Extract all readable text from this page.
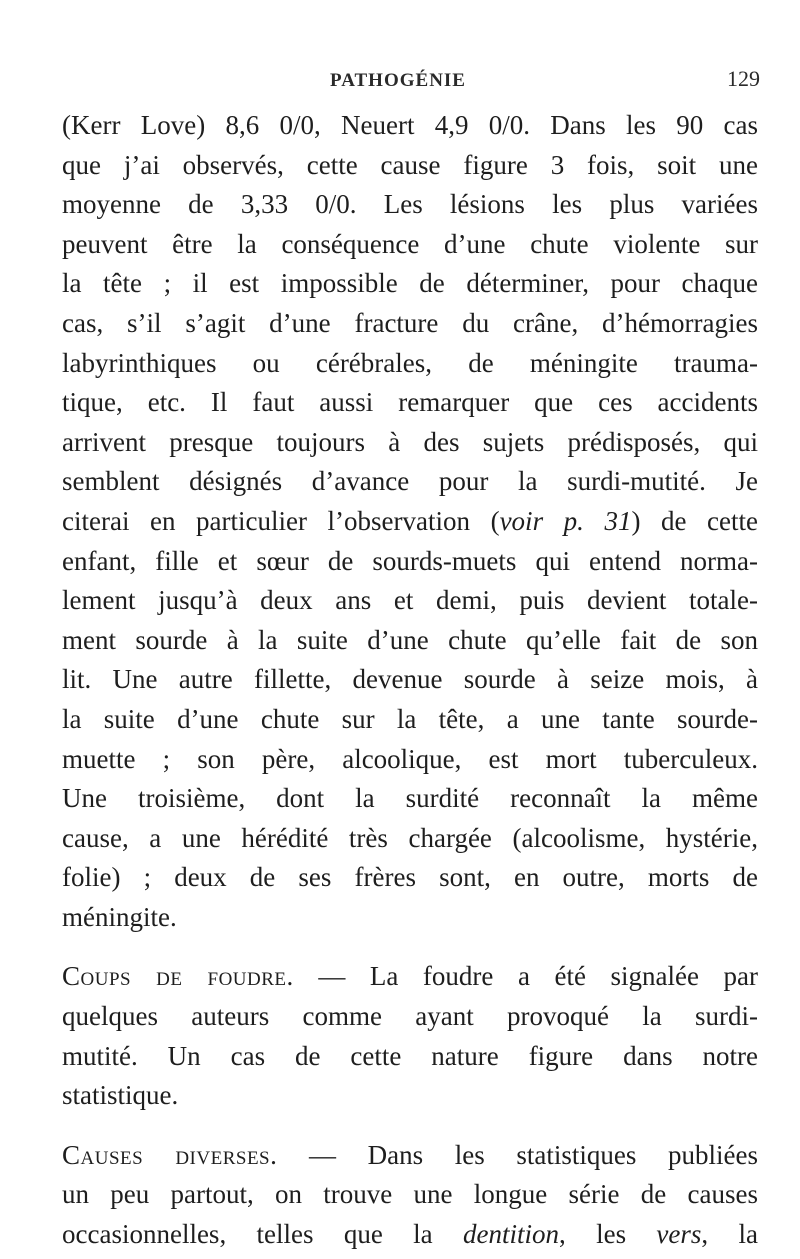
PATHOGÉNIE	129
(Kerr Love) 8,6 0/0, Neuert 4,9 0/0. Dans les 90 cas
que j’ai observés, cette cause figure 3 fois, soit une
moyenne de 3,33 0/0. Les lésions les plus variées
peuvent être la conséquence d’une chute violente sur
la tête ; il est impossible de déterminer, pour chaque
cas, s’il s’agit d’une fracture du crâne, d’hémorragies
labyrinthiques ou cérébrales, de méningite trauma-
tique, etc. Il faut aussi remarquer que ces accidents
arrivent presque toujours à des sujets prédisposés, qui
semblent désignés d’avance pour la surdi-mutité. Je
citerai en particulier l’observation (voir p. 31) de cette
enfant, fille et sœur de sourds-muets qui entend norma-
lement jusqu’à deux ans et demi, puis devient totale-
ment sourde à la suite d’une chute qu’elle fait de son
lit. Une autre fillette, devenue sourde à seize mois, à
la suite d’une chute sur la tête, a une tante sourde-
muette ; son père, alcoolique, est mort tuberculeux.
Une troisième, dont la surdité reconnaît la même
cause, a une hérédité très chargée (alcoolisme, hystérie,
folie) ; deux de ses frères sont, en outre, morts de
méningite.
Coups de foudre. — La foudre a été signalée par
quelques auteurs comme ayant provoqué la surdi-
mutité. Un cas de cette nature figure dans notre
statistique.
Causes diverses. — Dans les statistiques publiées
un peu partout, on trouve une longue série de causes
occasionnelles, telles que la dentition, les vers, la
